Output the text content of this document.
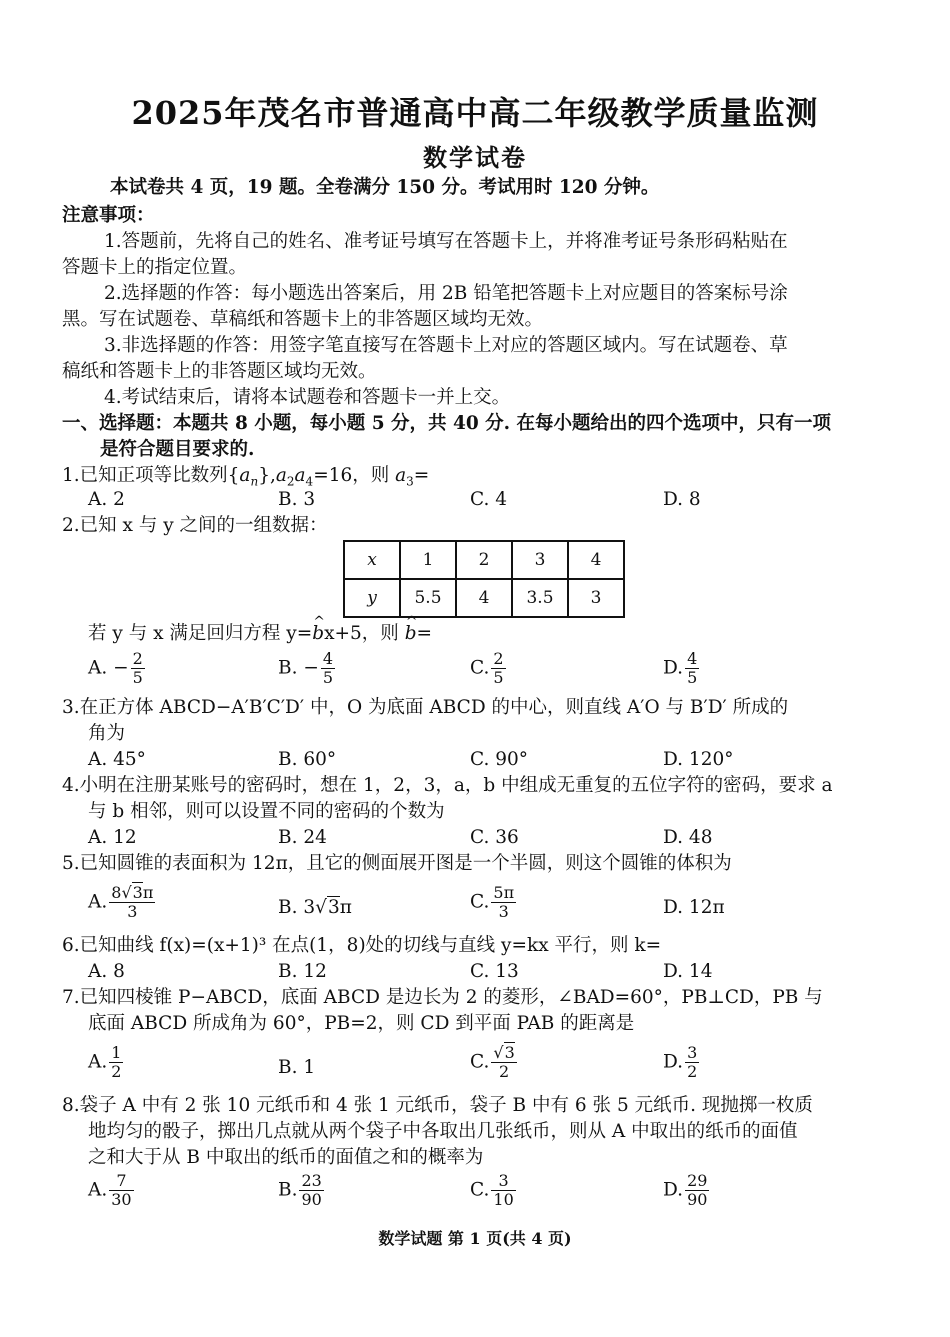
2025年茂名市普通高中高二年级教学质量监测
数学试卷
本试卷共 4 页，19 题。全卷满分 150 分。考试用时 120 分钟。
注意事项：
1.答题前，先将自己的姓名、准考证号填写在答题卡上，并将准考证号条形码粘贴在
答题卡上的指定位置。
2.选择题的作答：每小题选出答案后，用 2B 铅笔把答题卡上对应题目的答案标号涂
黑。写在试题卷、草稿纸和答题卡上的非答题区域均无效。
3.非选择题的作答：用签字笔直接写在答题卡上对应的答题区域内。写在试题卷、草
稿纸和答题卡上的非答题区域均无效。
4.考试结束后，请将本试题卷和答题卡一并上交。
一、选择题：本题共 8 小题，每小题 5 分，共 40 分. 在每小题给出的四个选项中，只有一项
是符合题目要求的.
1.已知正项等比数列$\{a_n\},a_2a_4=16$，则 $a_3=$
A. 2	B. 3	C. 4	D. 8
2.已知 x 与 y 之间的一组数据：
x	1	2	3	4
y	5.5	4	3.5	3
若 y 与 x 满足回归方程 y=^ bx+5，则 ^ b=
A. − $\frac{2}{5}$	B. − $\frac{4}{5}$	C. $\frac{2}{5}$	D. $\frac{4}{5}$
3.在正方体 ABCD−A′B′C′D′ 中，O 为底面 ABCD 的中心，则直线 A′O 与 B′D′ 所成的
角为
A. 45°	B. 60°	C. 90°	D. 120°
4.小明在注册某账号的密码时，想在 1，2，3，a，b 中组成无重复的五位字符的密码，要求 a
与 b 相邻，则可以设置不同的密码的个数为
A. 12	B. 24	C. 36	D. 48
5.已知圆锥的表面积为 12π，且它的侧面展开图是一个半圆，则这个圆锥的体积为
A. $\frac{8√3\pi}{3}$	B. 3√3π	C. $\frac{5\pi}{3}$	D. 12π
6.已知曲线 f(x)=(x+1)³ 在点(1，8)处的切线与直线 y=kx 平行，则 k=
A. 8	B. 12	C. 13	D. 14
7.已知四棱锥 P−ABCD，底面 ABCD 是边长为 2 的菱形，∠BAD=60°，PB⊥CD，PB 与
底面 ABCD 所成角为 60°，PB=2，则 CD 到平面 PAB 的距离是
A. $\frac{1}{2}$	B. 1	C. $\frac{√3}{2}$	D. $\frac{3}{2}$
8.袋子 A 中有 2 张 10 元纸币和 4 张 1 元纸币，袋子 B 中有 6 张 5 元纸币. 现抛掷一枚质
地均匀的骰子，掷出几点就从两个袋子中各取出几张纸币，则从 A 中取出的纸币的面值
之和大于从 B 中取出的纸币的面值之和的概率为
A. $\frac{7}{30}$	B. $\frac{23}{90}$	C. $\frac{3}{10}$	D. $\frac{29}{90}$
数学试题 第 1 页(共 4 页)
